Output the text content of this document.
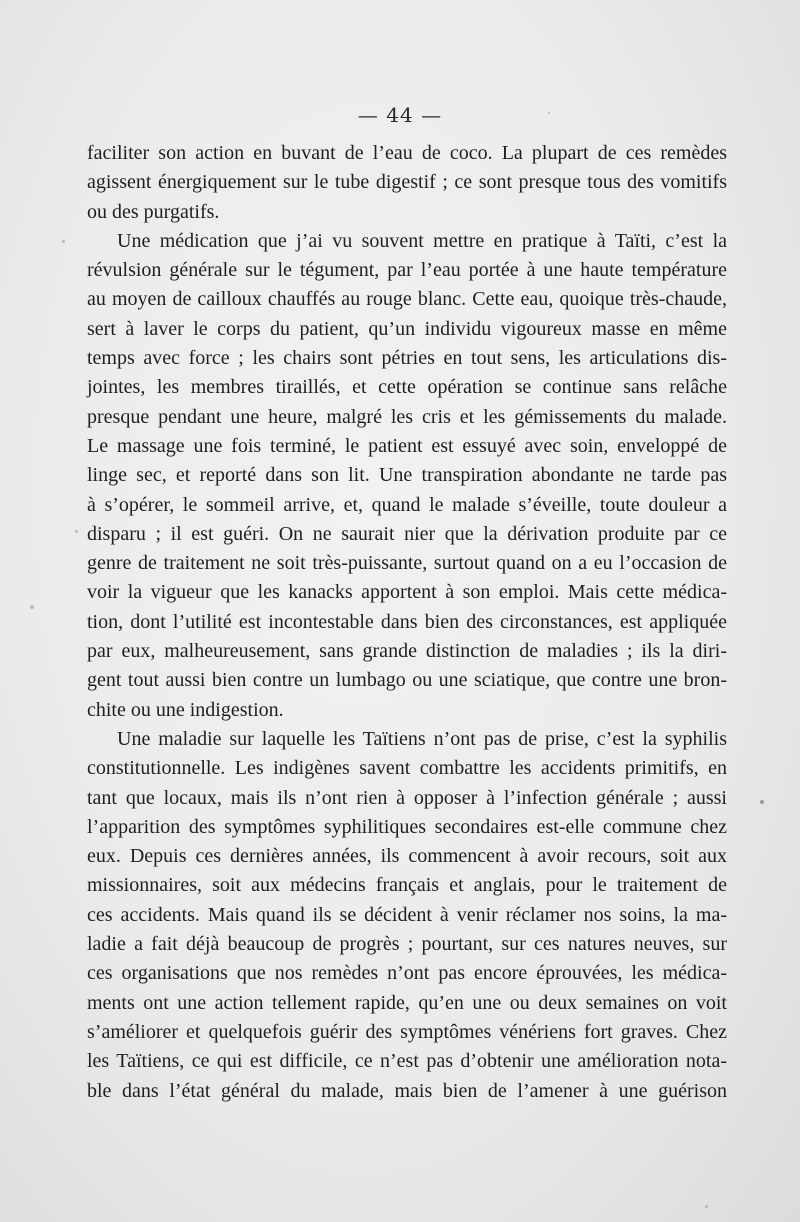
— 44 —
faciliter son action en buvant de l’eau de coco. La plupart de ces remèdes
agissent énergiquement sur le tube digestif ; ce sont presque tous des vomitifs
ou des purgatifs.
Une médication que j’ai vu souvent mettre en pratique à Taïti, c’est la
révulsion générale sur le tégument, par l’eau portée à une haute température
au moyen de cailloux chauffés au rouge blanc. Cette eau, quoique très-chaude,
sert à laver le corps du patient, qu’un individu vigoureux masse en même
temps avec force ; les chairs sont pétries en tout sens, les articulations dis-
jointes, les membres tiraillés, et cette opération se continue sans relâche
presque pendant une heure, malgré les cris et les gémissements du malade.
Le massage une fois terminé, le patient est essuyé avec soin, enveloppé de
linge sec, et reporté dans son lit. Une transpiration abondante ne tarde pas
à s’opérer, le sommeil arrive, et, quand le malade s’éveille, toute douleur a
disparu ; il est guéri. On ne saurait nier que la dérivation produite par ce
genre de traitement ne soit très-puissante, surtout quand on a eu l’occasion de
voir la vigueur que les kanacks apportent à son emploi. Mais cette médica-
tion, dont l’utilité est incontestable dans bien des circonstances, est appliquée
par eux, malheureusement, sans grande distinction de maladies ; ils la diri-
gent tout aussi bien contre un lumbago ou une sciatique, que contre une bron-
chite ou une indigestion.
Une maladie sur laquelle les Taïtiens n’ont pas de prise, c’est la syphilis
constitutionnelle. Les indigènes savent combattre les accidents primitifs, en
tant que locaux, mais ils n’ont rien à opposer à l’infection générale ; aussi
l’apparition des symptômes syphilitiques secondaires est-elle commune chez
eux. Depuis ces dernières années, ils commencent à avoir recours, soit aux
missionnaires, soit aux médecins français et anglais, pour le traitement de
ces accidents. Mais quand ils se décident à venir réclamer nos soins, la ma-
ladie a fait déjà beaucoup de progrès ; pourtant, sur ces natures neuves, sur
ces organisations que nos remèdes n’ont pas encore éprouvées, les médica-
ments ont une action tellement rapide, qu’en une ou deux semaines on voit
s’améliorer et quelquefois guérir des symptômes vénériens fort graves. Chez
les Taïtiens, ce qui est difficile, ce n’est pas d’obtenir une amélioration nota-
ble dans l’état général du malade, mais bien de l’amener à une guérison
